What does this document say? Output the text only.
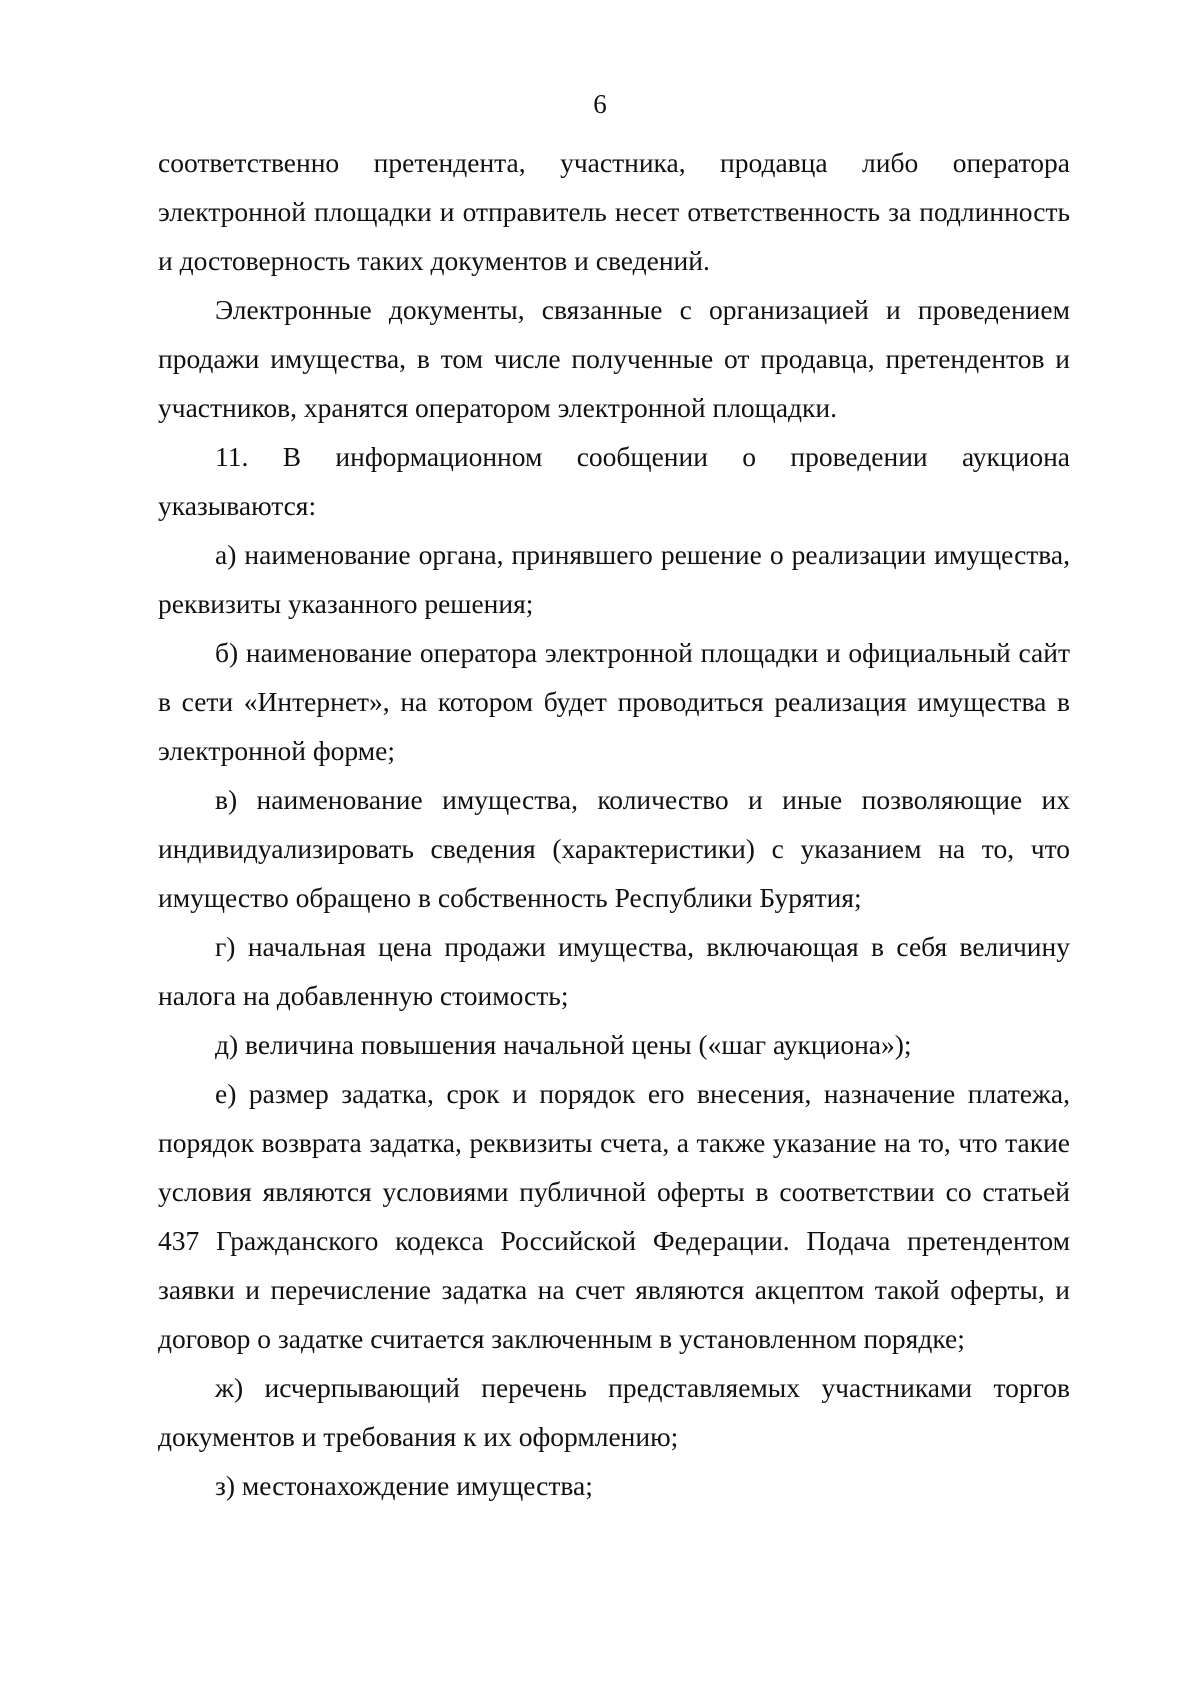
6

соответственно претендента, участника, продавца либо оператора электронной площадки и отправитель несет ответственность за подлинность и достоверность таких документов и сведений.

Электронные документы, связанные с организацией и проведением продажи имущества, в том числе полученные от продавца, претендентов и участников, хранятся оператором электронной площадки.

11. В информационном сообщении о проведении аукциона указываются:

а) наименование органа, принявшего решение о реализации имущества, реквизиты указанного решения;

б) наименование оператора электронной площадки и официальный сайт в сети «Интернет», на котором будет проводиться реализация имущества в электронной форме;

в) наименование имущества, количество и иные позволяющие их индивидуализировать сведения (характеристики) с указанием на то, что имущество обращено в собственность Республики Бурятия;

г) начальная цена продажи имущества, включающая в себя величину налога на добавленную стоимость;

д) величина повышения начальной цены («шаг аукциона»);

е) размер задатка, срок и порядок его внесения, назначение платежа, порядок возврата задатка, реквизиты счета, а также указание на то, что такие условия являются условиями публичной оферты в соответствии со статьей 437 Гражданского кодекса Российской Федерации. Подача претендентом заявки и перечисление задатка на счет являются акцептом такой оферты, и договор о задатке считается заключенным в установленном порядке;

ж) исчерпывающий перечень представляемых участниками торгов документов и требования к их оформлению;

з) местонахождение имущества;
